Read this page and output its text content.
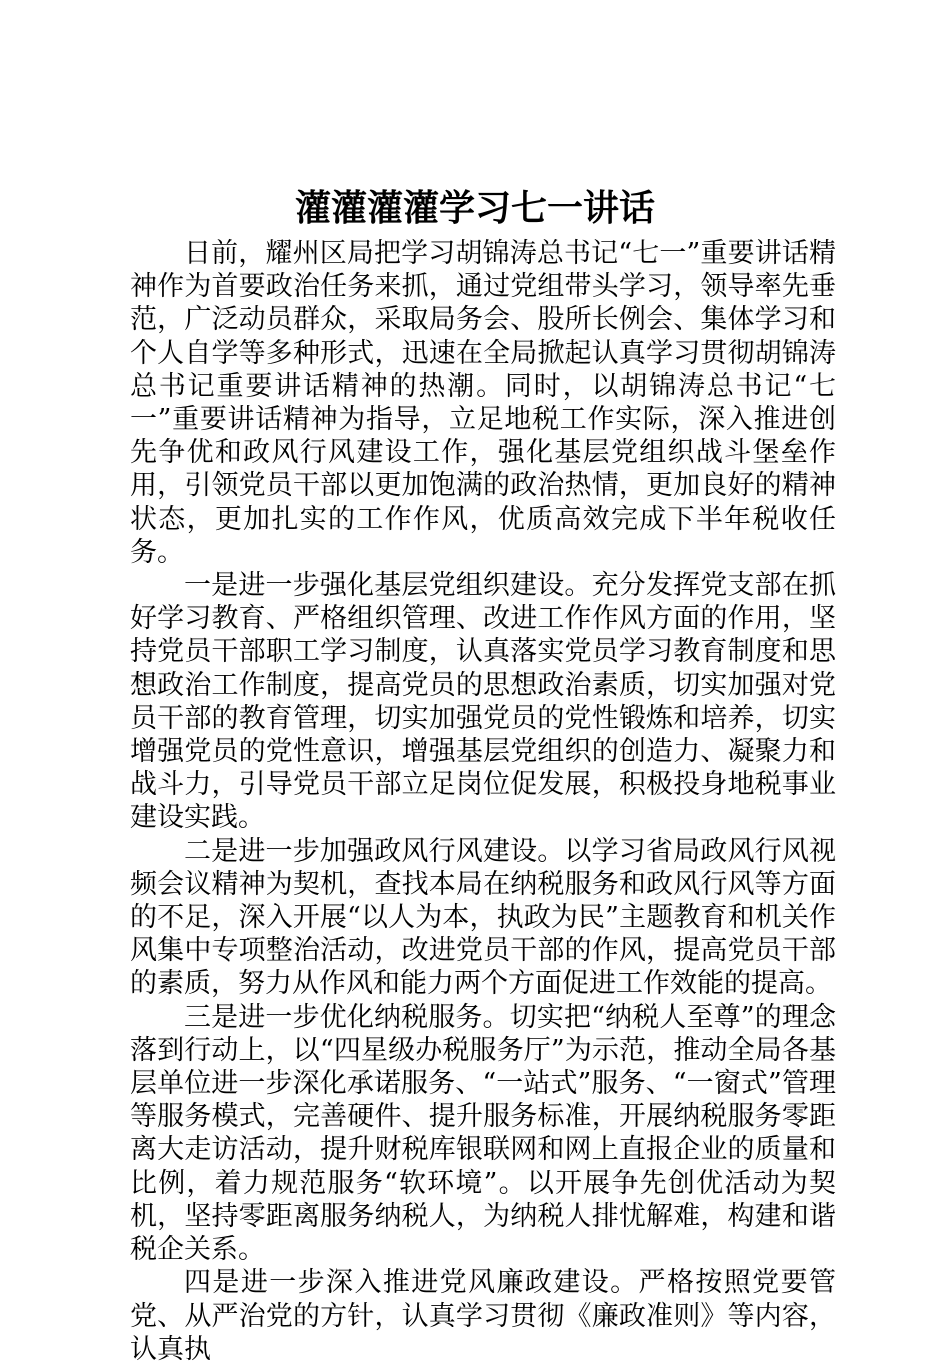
灌灌灌灌学习七一讲话

日前，耀州区局把学习胡锦涛总书记“七一”重要讲话精神作为首要政治任务来抓，通过党组带头学习，领导率先垂范，广泛动员群众，采取局务会、股所长例会、集体学习和个人自学等多种形式，迅速在全局掀起认真学习贯彻胡锦涛总书记重要讲话精神的热潮。同时，以胡锦涛总书记“七一”重要讲话精神为指导，立足地税工作实际，深入推进创先争优和政风行风建设工作，强化基层党组织战斗堡垒作用，引领党员干部以更加饱满的政治热情，更加良好的精神状态，更加扎实的工作作风，优质高效完成下半年税收任务。

一是进一步强化基层党组织建设。充分发挥党支部在抓好学习教育、严格组织管理、改进工作作风方面的作用，坚持党员干部职工学习制度，认真落实党员学习教育制度和思想政治工作制度，提高党员的思想政治素质，切实加强对党员干部的教育管理，切实加强党员的党性锻炼和培养，切实增强党员的党性意识，增强基层党组织的创造力、凝聚力和战斗力，引导党员干部立足岗位促发展，积极投身地税事业建设实践。

二是进一步加强政风行风建设。以学习省局政风行风视频会议精神为契机，查找本局在纳税服务和政风行风等方面的不足，深入开展“以人为本，执政为民”主题教育和机关作风集中专项整治活动，改进党员干部的作风，提高党员干部的素质，努力从作风和能力两个方面促进工作效能的提高。

三是进一步优化纳税服务。切实把“纳税人至尊”的理念落到行动上，以“四星级办税服务厅”为示范，推动全局各基层单位进一步深化承诺服务、“一站式”服务、“一窗式”管理等服务模式，完善硬件、提升服务标准，开展纳税服务零距离大走访活动，提升财税库银联网和网上直报企业的质量和比例，着力规范服务“软环境”。以开展争先创优活动为契机，坚持零距离服务纳税人，为纳税人排忧解难，构建和谐税企关系。

四是进一步深入推进党风廉政建设。严格按照党要管党、从严治党的方针，认真学习贯彻《廉政准则》等内容，认真执
